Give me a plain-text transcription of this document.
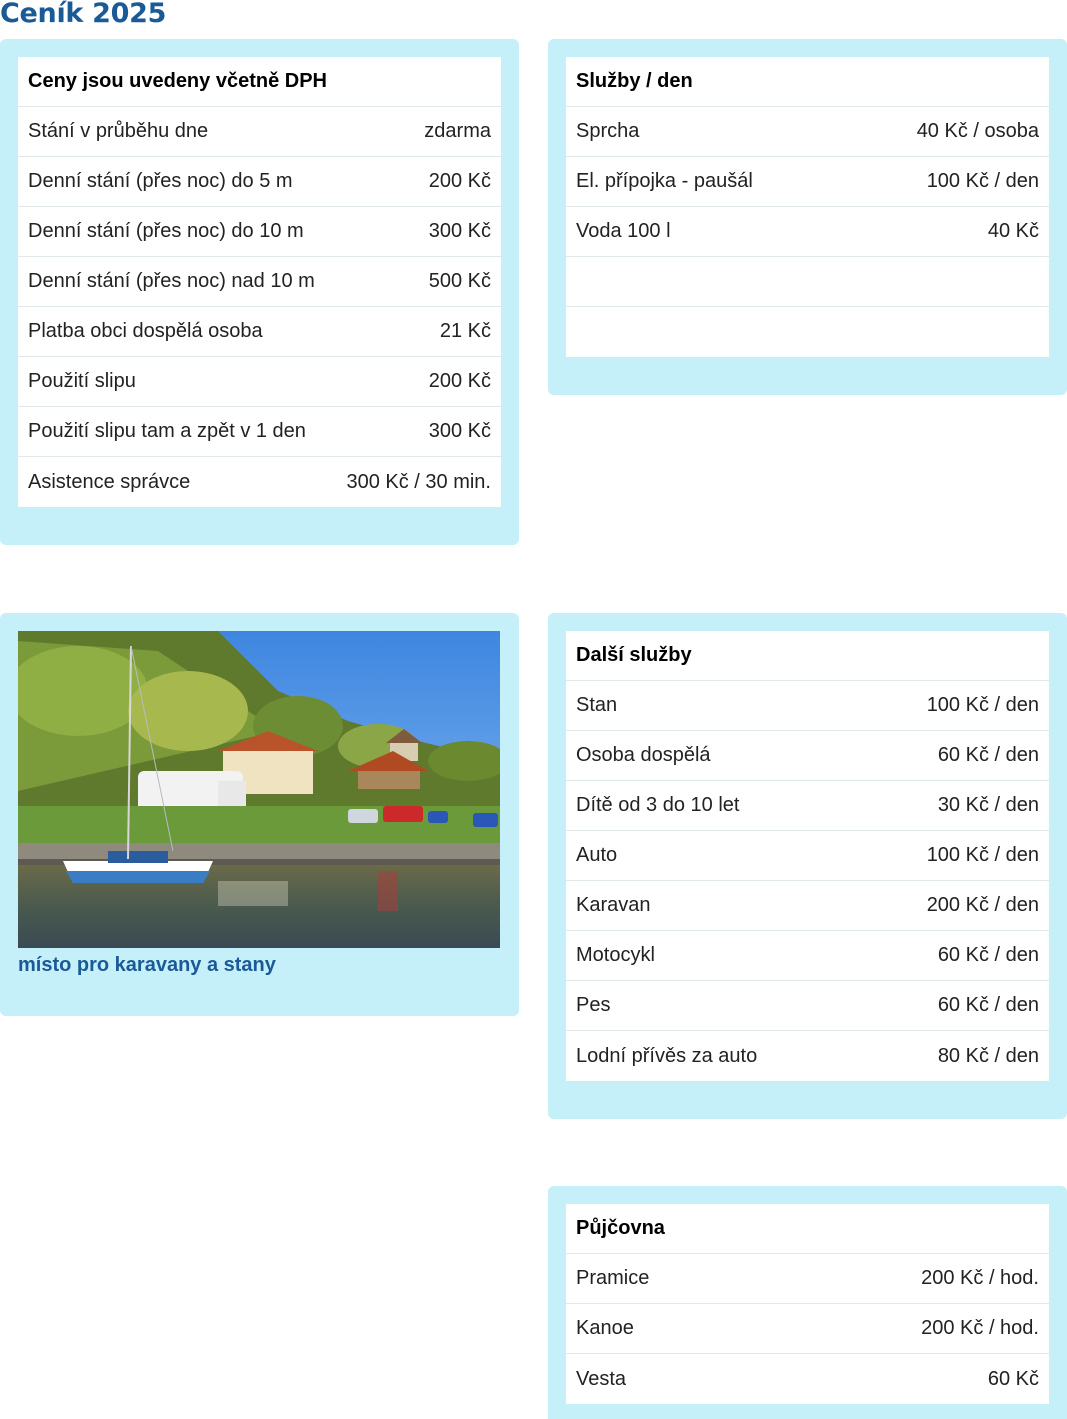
Ceník 2025
Ceny jsou uvedeny včetně DPH
Stání v průběhu dne	zdarma
Denní stání (přes noc) do 5 m	200 Kč
Denní stání (přes noc) do 10 m	300 Kč
Denní stání (přes noc) nad 10 m	500 Kč
Platba obci dospělá osoba	21 Kč
Použití slipu	200 Kč
Použití slipu tam a zpět v 1 den	300 Kč
Asistence správce	300 Kč / 30 min.
Služby / den
Sprcha	40 Kč / osoba
El. přípojka - paušál	100 Kč / den
Voda 100 l	40 Kč
místo pro karavany a stany
Další služby
Stan	100 Kč / den
Osoba dospělá	60 Kč / den
Dítě od 3 do 10 let	30 Kč / den
Auto	100 Kč / den
Karavan	200 Kč / den
Motocykl	60 Kč / den
Pes	60 Kč / den
Lodní přívěs za auto	80 Kč / den
Půjčovna
Pramice	200 Kč / hod.
Kanoe	200 Kč / hod.
Vesta	60 Kč
